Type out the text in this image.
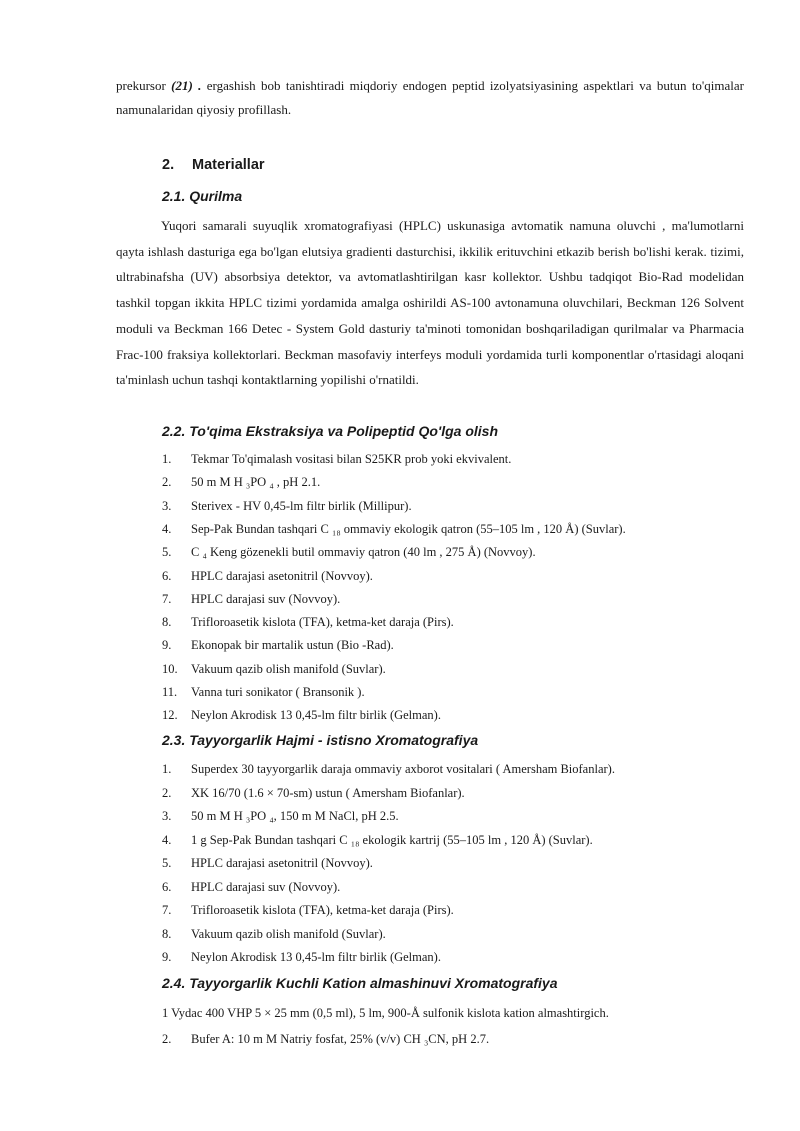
prekursor (21) . ergashish bob tanishtiradi miqdoriy endogen peptid izolyatsiyasining aspektlari va butun to'qimalar namunalaridan qiyosiy profillash.
2. Materiallar
2.1. Qurilma
Yuqori samarali suyuqlik xromatografiyasi (HPLC) uskunasiga avtomatik namuna oluvchi , ma'lumotlarni qayta ishlash dasturiga ega bo'lgan elutsiya gradienti dasturchisi, ikkilik erituvchini etkazib berish bo'lishi kerak. tizimi, ultrabinafsha (UV) absorbsiya detektor, va avtomatlashtirilgan kasr kollektor. Ushbu tadqiqot Bio-Rad modelidan tashkil topgan ikkita HPLC tizimi yordamida amalga oshirildi AS-100 avtonamuna oluvchilari, Beckman 126 Solvent moduli va Beckman 166 Detec - System Gold dasturiy ta'minoti tomonidan boshqariladigan qurilmalar va Pharmacia Frac-100 fraksiya kollektorlari. Beckman masofaviy interfeys moduli yordamida turli komponentlar o'rtasidagi aloqani ta'minlash uchun tashqi kontaktlarning yopilishi o'rnatildi.
2.2. To'qima Ekstraksiya va Polipeptid Qo'lga olish
1. Tekmar To'qimalash vositasi bilan S25KR prob yoki ekvivalent.
2. 50 m M H ₃PO ₄ , pH 2.1.
3. Sterivex - HV 0,45-lm filtr birlik (Millipur).
4. Sep-Pak Bundan tashqari C ₁₈ ommaviy ekologik qatron (55–105 lm , 120 Å) (Suvlar).
5. C ₄ Keng gözenekli butil ommaviy qatron (40 lm , 275 Å) (Novvoy).
6. HPLC darajasi asetonitril (Novvoy).
7. HPLC darajasi suv (Novvoy).
8. Trifloroasetik kislota (TFA), ketma-ket daraja (Pirs).
9. Ekonopak bir martalik ustun (Bio -Rad).
10. Vakuum qazib olish manifold (Suvlar).
11. Vanna turi sonikator ( Bransonik ).
12. Neylon Akrodisk 13 0,45-lm filtr birlik (Gelman).
2.3. Tayyorgarlik Hajmi - istisno Xromatografiya
1. Superdex 30 tayyorgarlik daraja ommaviy axborot vositalari ( Amersham Biofanlar).
2. XK 16/70 (1.6 × 70-sm) ustun ( Amersham Biofanlar).
3. 50 m M H ₃PO ₄, 150 m M NaCl, pH 2.5.
4. 1 g Sep-Pak Bundan tashqari C ₁₈ ekologik kartrij (55–105 lm , 120 Å) (Suvlar).
5. HPLC darajasi asetonitril (Novvoy).
6. HPLC darajasi suv (Novvoy).
7. Trifloroasetik kislota (TFA), ketma-ket daraja (Pirs).
8. Vakuum qazib olish manifold (Suvlar).
9. Neylon Akrodisk 13 0,45-lm filtr birlik (Gelman).
2.4. Tayyorgarlik Kuchli Kation almashinuvi Xromatografiya
1 Vydac 400 VHP 5 × 25 mm (0,5 ml), 5 lm, 900-Å sulfonik kislota kation almashtirgich.
2. Bufer A: 10 m M Natriy fosfat, 25% (v/v) CH ₃CN, pH 2.7.
